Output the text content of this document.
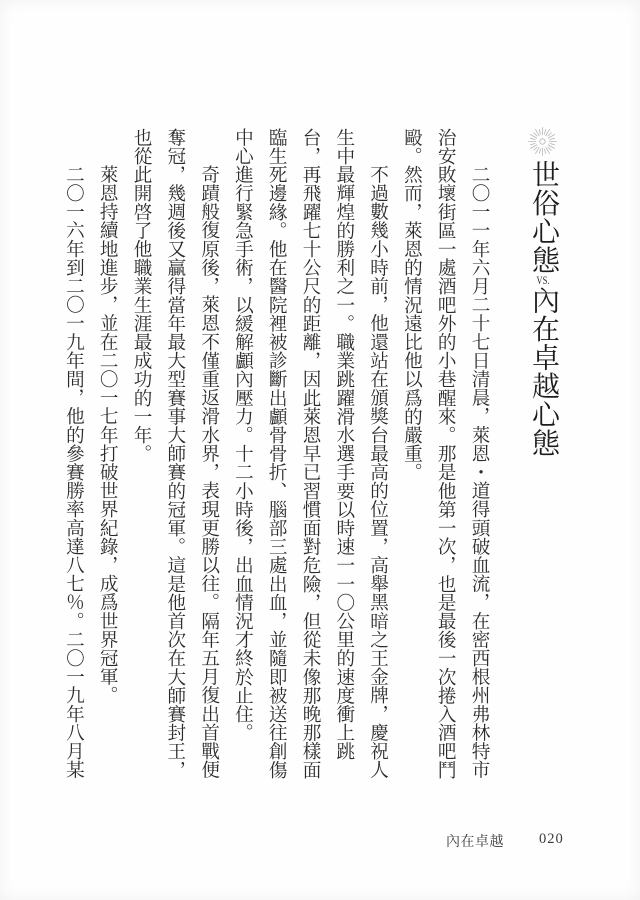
世俗心態VS.內在卓越心態

二〇一一年六月二十七日清晨，萊恩・道得頭破血流，在密西根州弗林特市治安敗壞街區一處酒吧外的小巷醒來。那是他第一次，也是最後一次捲入酒吧鬥毆。然而，萊恩的情況遠比他以爲的嚴重。

不過數幾小時前，他還站在頒獎台最高的位置，高舉黑暗之王金牌，慶祝人生中最輝煌的勝利之一。職業跳躍滑水選手要以時速一一〇公里的速度衝上跳台，再飛躍七十公尺的距離，因此萊恩早已習慣面對危險，但從未像那晚那樣面臨生死邊緣。他在醫院裡被診斷出顱骨骨折、腦部三處出血，並隨即被送往創傷中心進行緊急手術，以緩解顱內壓力。十二小時後，出血情況才終於止住。

奇蹟般復原後，萊恩不僅重返滑水界，表現更勝以往。隔年五月復出首戰便奪冠，幾週後又贏得當年最大型賽事大師賽的冠軍。這是他首次在大師賽封王，也從此開啓了他職業生涯最成功的一年。

萊恩持續地進步，並在二〇一七年打破世界紀錄，成爲世界冠軍。

二〇一六年到二〇一九年間，他的參賽勝率高達八七％。二〇一九年八月某

內在卓越 020
